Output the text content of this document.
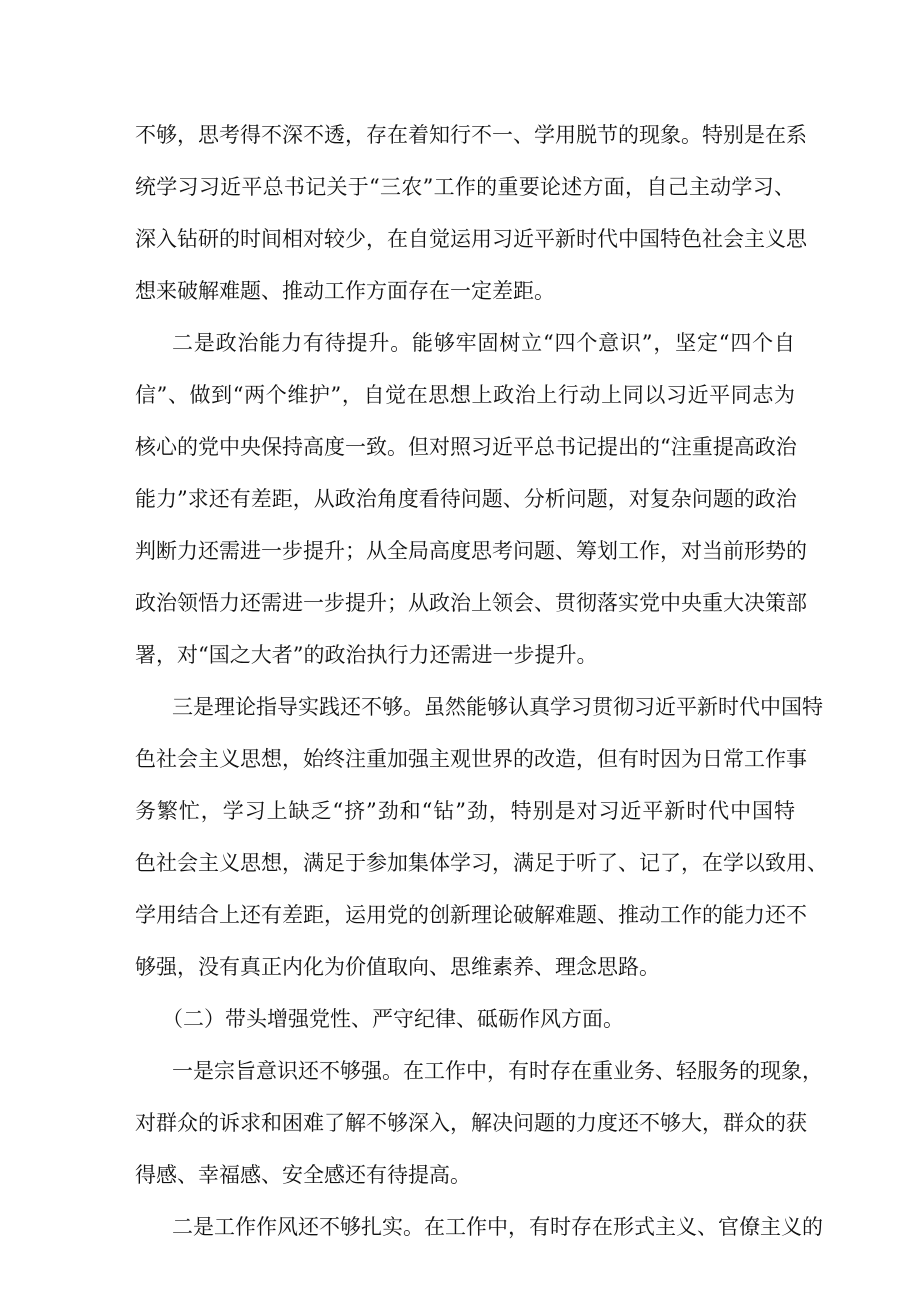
不够，思考得不深不透，存在着知行不一、学用脱节的现象。特别是在系
统学习习近平总书记关于“三农”工作的重要论述方面，自己主动学习、
深入钻研的时间相对较少，在自觉运用习近平新时代中国特色社会主义思
想来破解难题、推动工作方面存在一定差距。
二是政治能力有待提升。能够牢固树立“四个意识”，坚定“四个自
信”、做到“两个维护”，自觉在思想上政治上行动上同以习近平同志为
核心的党中央保持高度一致。但对照习近平总书记提出的“注重提高政治
能力”求还有差距，从政治角度看待问题、分析问题，对复杂问题的政治
判断力还需进一步提升；从全局高度思考问题、筹划工作，对当前形势的
政治领悟力还需进一步提升；从政治上领会、贯彻落实党中央重大决策部
署，对“国之大者”的政治执行力还需进一步提升。
三是理论指导实践还不够。虽然能够认真学习贯彻习近平新时代中国特
色社会主义思想，始终注重加强主观世界的改造，但有时因为日常工作事
务繁忙，学习上缺乏“挤”劲和“钻”劲，特别是对习近平新时代中国特
色社会主义思想，满足于参加集体学习，满足于听了、记了，在学以致用、
学用结合上还有差距，运用党的创新理论破解难题、推动工作的能力还不
够强，没有真正内化为价值取向、思维素养、理念思路。
（二）带头增强党性、严守纪律、砥砺作风方面。
一是宗旨意识还不够强。在工作中，有时存在重业务、轻服务的现象，
对群众的诉求和困难了解不够深入，解决问题的力度还不够大，群众的获
得感、幸福感、安全感还有待提高。
二是工作作风还不够扎实。在工作中，有时存在形式主义、官僚主义的
